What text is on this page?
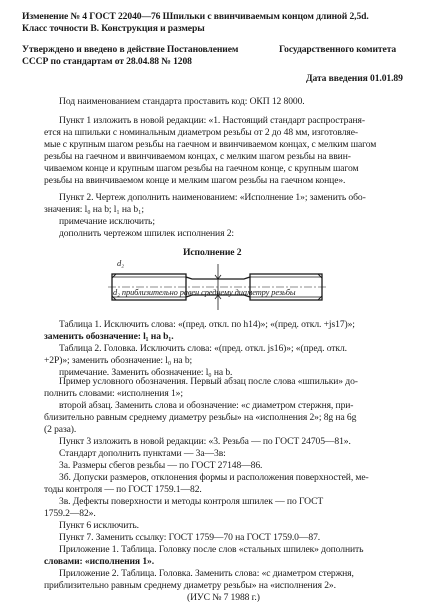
Изменение № 4 ГОСТ 22040—76 Шпильки с ввинчиваемым концом длиной 2,5d.
Класс точности В. Конструкция и размеры
Утверждено и введено в действие Постановлением	Государственного комитета
СССР по стандартам от 28.04.88 № 1208
Дата введения 01.01.89
Под наименованием стандарта проставить код: ОКП 12 8000.
Пункт 1 изложить в новой редакции: «1. Настоящий стандарт распространя-
ется на шпильки с номинальным диаметром резьбы от 2 до 48 мм, изготовляе-
мые с крупным шагом резьбы на гаечном и ввинчиваемом концах, с мелким шагом
резьбы на гаечном и ввинчиваемом концах, с мелким шагом резьбы на ввин-
чиваемом конце и крупным шагом резьбы на гаечном конце, с крупным шагом
резьбы на ввинчиваемом конце и мелким шагом резьбы на гаечном конце».
Пункт 2. Чертеж дополнить наименованием: «Исполнение 1»; заменить обо-
значения: l₀ на b; l₁ на b₁;
примечание исключить;
дополнить чертежом шпилек исполнения 2:
Исполнение 2
d₂
d₂ приблизительно равен среднему диаметру резьбы
Таблица 1. Исключить слова: «(пред. откл. по h14)»; «(пред. откл. +js17)»;
заменить обозначение: l₁ на b₁.
Таблица 2. Головка. Исключить слова: «(пред. откл. js16)»; «(пред. откл.
+2P)»; заменить обозначение: l₀ на b;
примечание. Заменить обозначение: l₀ на b.
Пример условного обозначения. Первый абзац после слова «шпильки» до-
полнить словами: «исполнения 1»;
второй абзац. Заменить слова и обозначение: «с диаметром стержня, при-
близительно равным среднему диаметру резьбы» на «исполнения 2»; 8g на 6g
(2 раза).
Пункт 3 изложить в новой редакции: «3. Резьба — по ГОСТ 24705—81».
Стандарт дополнить пунктами — 3а—3в:
3а. Размеры сбегов резьбы — по ГОСТ 27148—86.
3б. Допуски размеров, отклонения формы и расположения поверхностей, ме-
тоды контроля — по ГОСТ 1759.1—82.
3в. Дефекты поверхности и методы контроля шпилек — по ГОСТ
1759.2—82».
Пункт 6 исключить.
Пункт 7. Заменить ссылку: ГОСТ 1759—70 на ГОСТ 1759.0—87.
Приложение 1. Таблица. Головку после слов «стальных шпилек» дополнить
словами: «исполнения 1».
Приложение 2. Таблица. Головка. Заменить слова: «с диаметром стержня,
приблизительно равным среднему диаметру резьбы» на «исполнения 2».
(ИУС № 7 1988 г.)
